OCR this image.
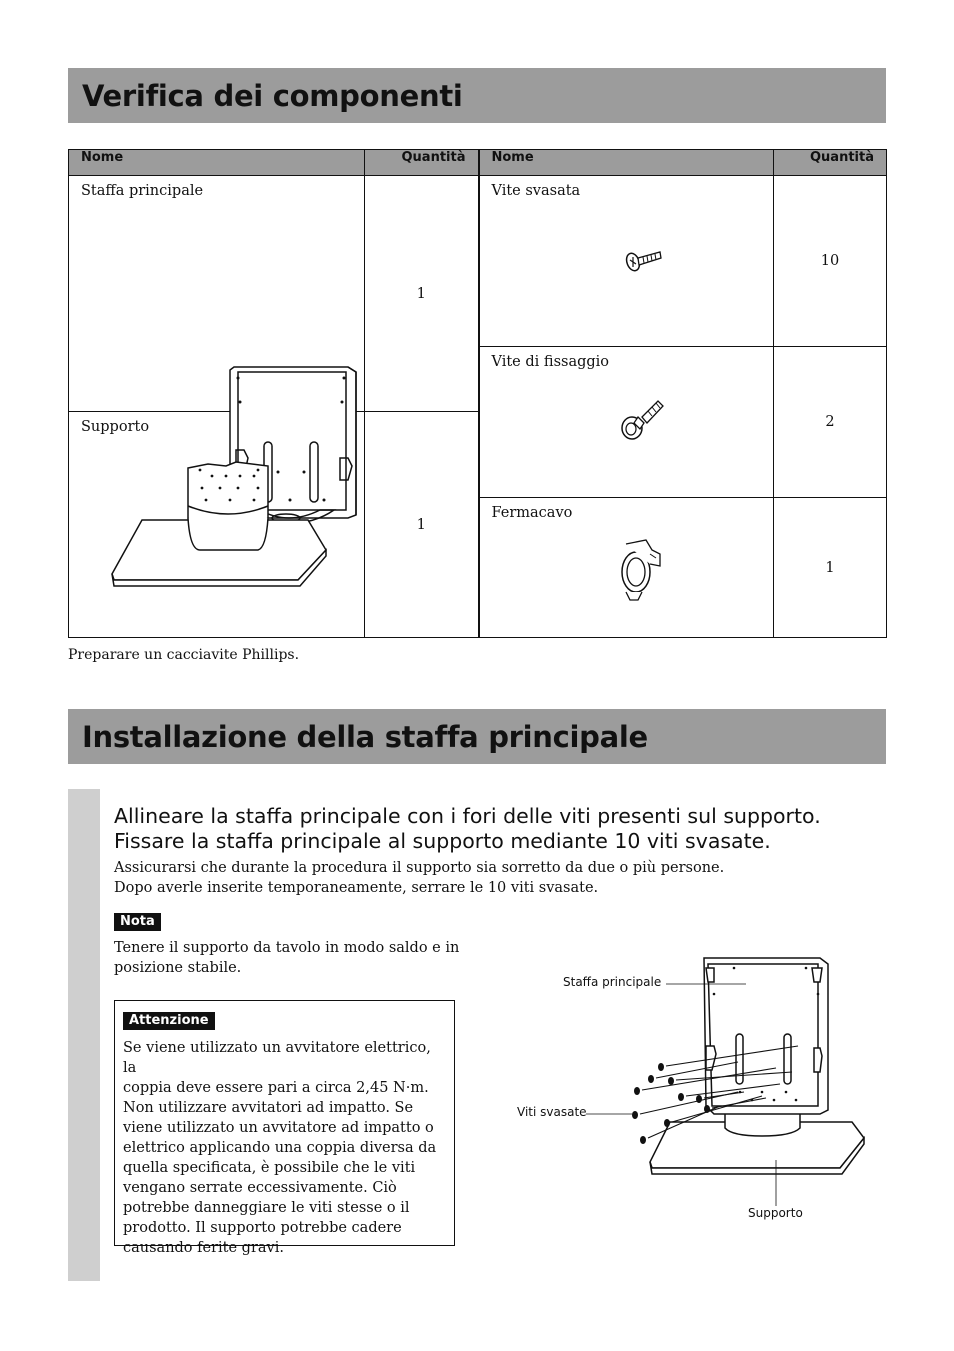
Verifica dei componenti
Nome	Quantità	Nome	Quantità

Staffa principale	1	Vite svasata	10

		Vite di fissaggio	2

Supporto	1		

		Fermacavo	1
Preparare un cacciavite Phillips.
Installazione della staffa principale
Allineare la staffa principale con i fori delle viti presenti sul supporto.
Fissare la staffa principale al supporto mediante 10 viti svasate.
Assicurarsi che durante la procedura il supporto sia sorretto da due o più persone.
Dopo averle inserite temporaneamente, serrare le 10 viti svasate.
Nota
Tenere il supporto da tavolo in modo saldo e in
posizione stabile.
Attenzione

Se viene utilizzato un avvitatore elettrico, la
coppia deve essere pari a circa 2,45 N·m.
Non utilizzare avvitatori ad impatto. Se
viene utilizzato un avvitatore ad impatto o
elettrico applicando una coppia diversa da
quella specificata, è possibile che le viti
vengano serrate eccessivamente. Ciò
potrebbe danneggiare le viti stesse o il
prodotto. Il supporto potrebbe cadere
causando ferite gravi.

Staffa principale
Viti svasate
Supporto
